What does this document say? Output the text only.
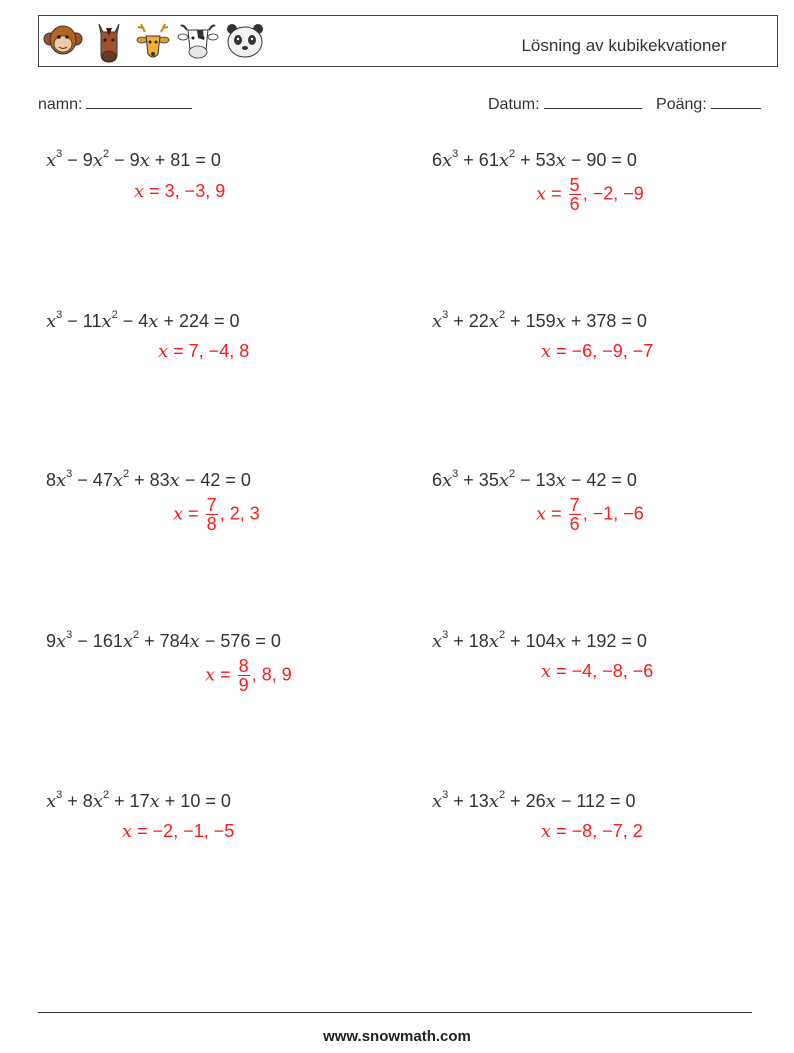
Lösning av kubikekvationer
namn:	Datum:	Poäng:
$x^3 - 9x^2 - 9x + 81 = 0$
x = 3, −3, 9
$6x^3 + 61x^2 + 53x - 90 = 0$
$x = \frac{5}{6}$ , −2, −9
$x^3 - 11x^2 - 4x + 224 = 0$
x = 7, −4, 8
$x^3 + 22x^2 + 159x + 378 = 0$
x = −6, −9, −7
$8x^3 - 47x^2 + 83x - 42 = 0$
$x = \frac{7}{8}$ , 2, 3
$6x^3 + 35x^2 - 13x - 42 = 0$
$x = \frac{7}{6}$ , −1, −6
$9x^3 - 161x^2 + 784x - 576 = 0$
$x = \frac{8}{9}$ , 8, 9
$x^3 + 18x^2 + 104x + 192 = 0$
x = −4, −8, −6
$x^3 + 8x^2 + 17x + 10 = 0$
x = −2, −1, −5
$x^3 + 13x^2 + 26x - 112 = 0$
x = −8, −7, 2
www.snowmath.com
